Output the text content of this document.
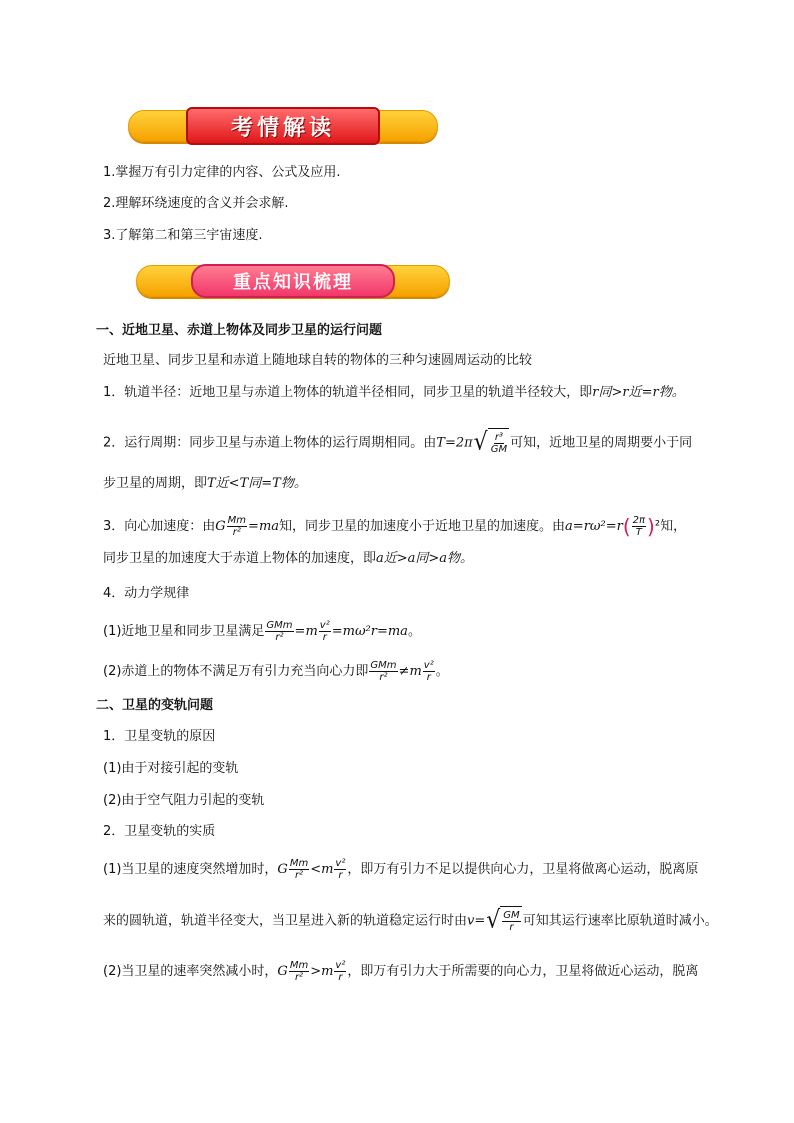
考情解读
1.掌握万有引力定律的内容、公式及应用.
2.理解环绕速度的含义并会求解.
3.了解第二和第三宇宙速度.
重点知识梳理
一、近地卫星、赤道上物体及同步卫星的运行问题
近地卫星、同步卫星和赤道上随地球自转的物体的三种匀速圆周运动的比较
1．轨道半径：近地卫星与赤道上物体的轨道半径相同，同步卫星的轨道半径较大，即r同>r近=r物。
2．运行周期：同步卫星与赤道上物体的运行周期相同。由T=2π √ $\frac{\text{r³}}{GM}$ 可知，近地卫星的周期要小于同
步卫星的周期，即T近<T同=T物。
3．向心加速度：由G $\frac{Mm}{\text{r²}} =ma$知，同步卫星的加速度小于近地卫星的加速度。由$a=r\omega^2=r( \frac{2\pi}{T} )^2$知，
同步卫星的加速度大于赤道上物体的加速度，即a近>a同>a物。
4．动力学规律
(1)近地卫星和同步卫星满足 $\frac{\text{GMm}}{\text{r²}} =m \frac{\text{v²}}{r} =m\omega^2r=ma$。
(2)赤道上的物体不满足万有引力充当向心力即 $\frac{\text{GMm}}{\text{r²}} \ne m \frac{\text{v²}}{r}$ 。
二、卫星的变轨问题
1．卫星变轨的原因
(1)由于对接引起的变轨
(2)由于空气阻力引起的变轨
2．卫星变轨的实质
(1)当卫星的速度突然增加时，G $\frac{Mm}{\text{r²}} <m \frac{\text{v²}}{r}$ ，即万有引力不足以提供向心力，卫星将做离心运动，脱离原
来的圆轨道，轨道半径变大，当卫星进入新的轨道稳定运行时由v= √ $\frac{GM}{r}$ 可知其运行速率比原轨道时减小。
(2)当卫星的速率突然减小时，G $\frac{Mm}{\text{r²}} >m \frac{\text{v²}}{r}$ ，即万有引力大于所需要的向心力，卫星将做近心运动，脱离
